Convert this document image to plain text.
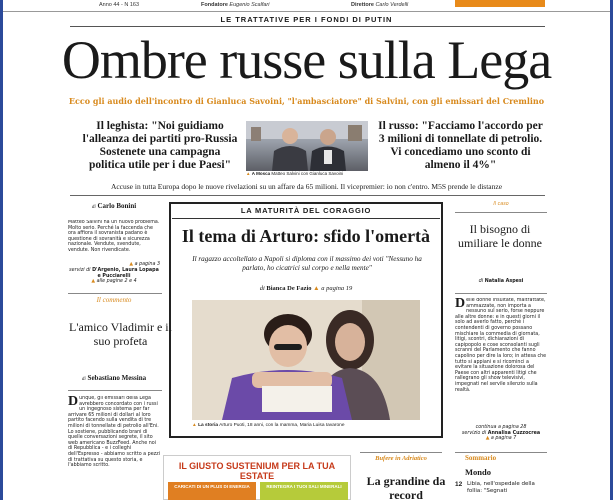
Anno 44 - N 163	Fondatore Eugenio Scalfari	Direttore Carlo Verdelli
LE TRATTATIVE PER I FONDI DI PUTIN
Ombre russe sulla Lega
Ecco gli audio dell'incontro di Gianluca Savoini, "l'ambasciatore" di Salvini, con gli emissari del Cremlino
Il leghista: "Noi guidiamo l'alleanza dei partiti pro-Russia Sostenete una campagna politica utile per i due Paesi"
▲ A Mosca Matteo Salvini con Gianluca Savoini
Il russo: "Facciamo l'accordo per 3 milioni di tonnellate di petrolio. Vi concediamo uno sconto di almeno il 4%"
Accuse in tutta Europa dopo le nuove rivelazioni su un affare da 65 milioni. Il vicepremier: io non c'entro. M5S prende le distanze
di Carlo Bonini
Matteo Salvini ha un nuovo problema. Molto serio. Perché la faccenda che ora affiora il sovranista padano è questione di sovranità e sicurezza nazionale. Vendute, svendute, vendute. Non rivendicate.
▲ a pagina 3
servizi di D'Argenio, Laura Lopapa e Pucciarelli
▲ alle pagine 2 e 4
Il commento
L'amico Vladimir e il suo profeta
di Sebastiano Messina
Dunque, gli emissari della Lega avrebbero concordato con i russi un ingegnoso sistema per far arrivare 65 milioni di dollari al loro partito facendo sulla vendita di tre milioni di tonnellate di petrolio all'Eni. Lo sostiene, pubblicando brani di quelle conversazioni segrete, il sito web americano BuzzFeed. Anche noi di Repubblica - e i colleghi dell'Espresso - abbiamo scritto a pezzi di trattativa su questo storia, e l'abbiamo scritto.
LA MATURITÀ DEL CORAGGIO
Il tema di Arturo: sfido l'omertà
Il ragazzo accoltellato a Napoli si diploma con il massimo dei voti "Nessuno ha parlato, ho cicatrici sul corpo e nella mente"
di Bianca De Fazio ▲ a pagina 19
▲ La storia Arturo Puoti, 18 anni, con la mamma, Maria Luisa Iavarone
Il caso
Il bisogno di umiliare le donne
di Natalia Aspesi
Delle donne insultate, maltrattate, ammazzate, non importa a nessuno sul serio, forse neppure alle altre donne: e in questi giorni il solo ad averlo fatto, perché i contendenti di governo possano mischiare la commedia di giornata, litigi, scontri, dichiarazioni di capipopolo e cose sconsolanti sugli scranni del Parlamento che fanno capolino per dire la loro; in attesa che tutto si appiani e si ricominci a evitare la situazione dolorosa del Paese con altri apparenti litigi che rallegrano gli show televisivi, impegnati nel servile silenzio sulla realtà.
continua a pagina 28
servizio di Annalisa Cuzzocrea
▲ a pagina 7
IL GIUSTO SUSTENIUM PER LA TUA ESTATE
CARICATI DI UN PLUS DI ENERGIA	REINTEGRA I TUOI SALI MINERALI
Bufere in Adriatico
La grandine da record
Sommario
Mondo
12 Libia, nell'ospedale della follia: "Segnati
